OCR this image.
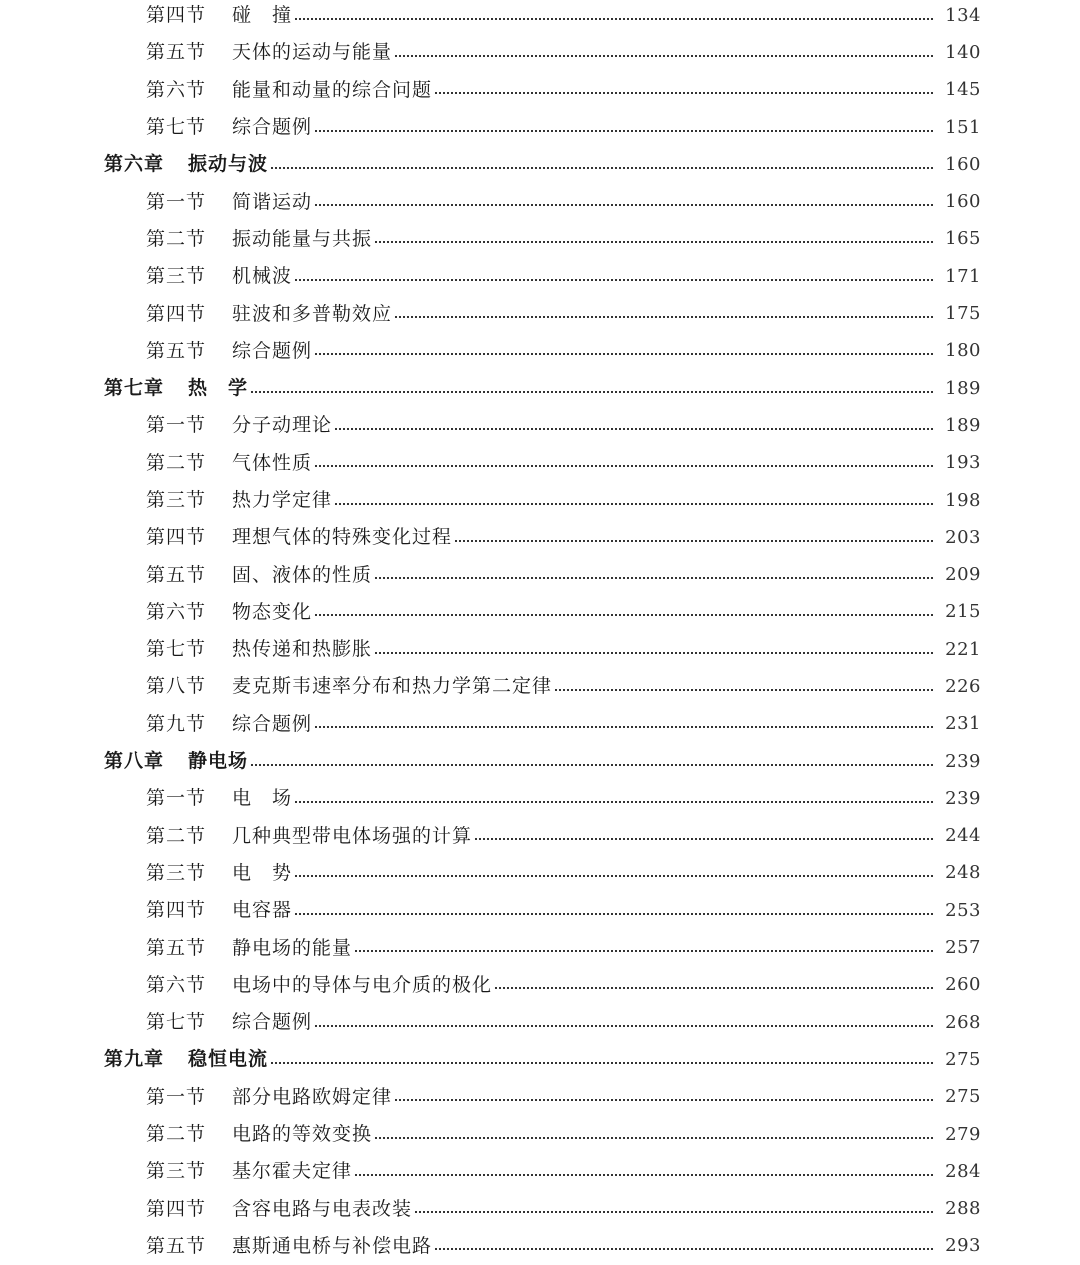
第四节	碰　撞	134
第五节	天体的运动与能量	140
第六节	能量和动量的综合问题	145
第七节	综合题例	151
第六章	振动与波	160
第一节	简谐运动	160
第二节	振动能量与共振	165
第三节	机械波	171
第四节	驻波和多普勒效应	175
第五节	综合题例	180
第七章	热　学	189
第一节	分子动理论	189
第二节	气体性质	193
第三节	热力学定律	198
第四节	理想气体的特殊变化过程	203
第五节	固、液体的性质	209
第六节	物态变化	215
第七节	热传递和热膨胀	221
第八节	麦克斯韦速率分布和热力学第二定律	226
第九节	综合题例	231
第八章	静电场	239
第一节	电　场	239
第二节	几种典型带电体场强的计算	244
第三节	电　势	248
第四节	电容器	253
第五节	静电场的能量	257
第六节	电场中的导体与电介质的极化	260
第七节	综合题例	268
第九章	稳恒电流	275
第一节	部分电路欧姆定律	275
第二节	电路的等效变换	279
第三节	基尔霍夫定律	284
第四节	含容电路与电表改装	288
第五节	惠斯通电桥与补偿电路	293
